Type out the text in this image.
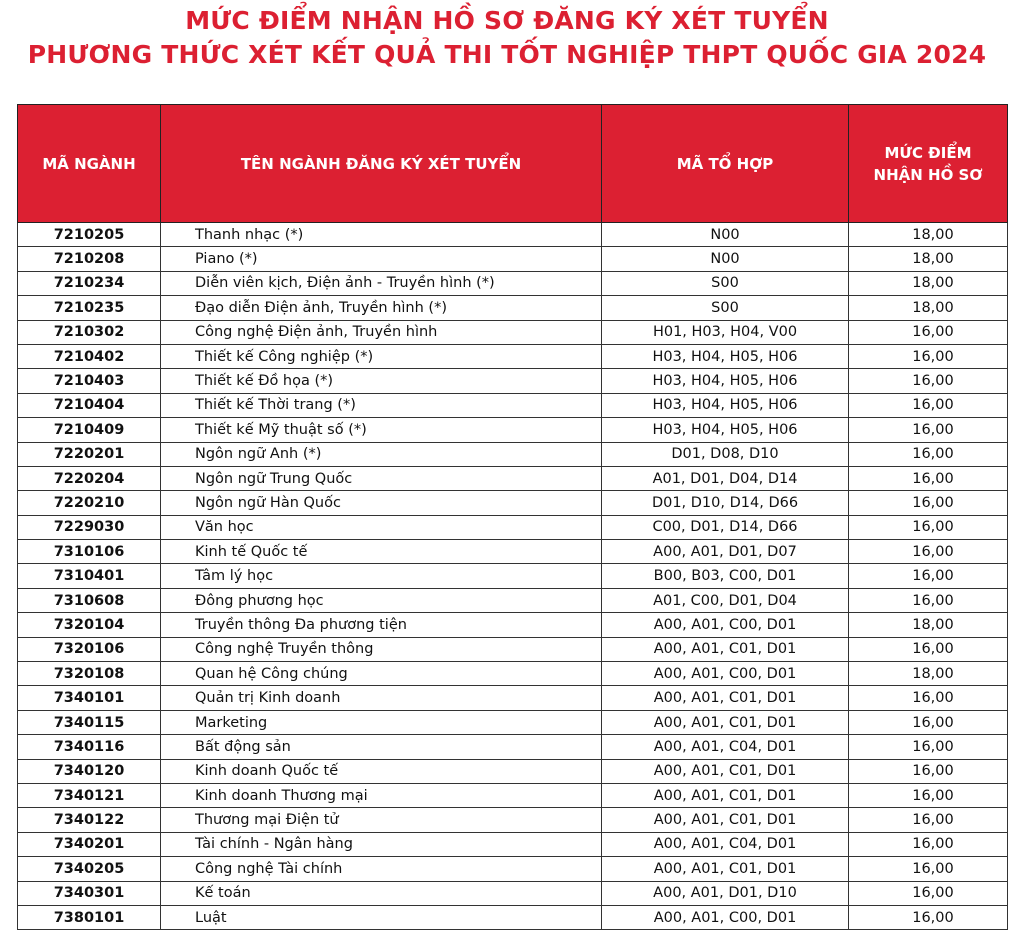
MỨC ĐIỂM NHẬN HỒ SƠ ĐĂNG KÝ XÉT TUYỂN
PHƯƠNG THỨC XÉT KẾT QUẢ THI TỐT NGHIỆP THPT QUỐC GIA 2024
MÃ NGÀNH	TÊN NGÀNH ĐĂNG KÝ XÉT TUYỂN	MÃ TỔ HỢP	MỨC ĐIỂM
NHẬN HỒ SƠ

7210205	Thanh nhạc (*)	N00	18,00
7210208	Piano (*)	N00	18,00
7210234	Diễn viên kịch, Điện ảnh - Truyền hình (*)	S00	18,00
7210235	Đạo diễn Điện ảnh, Truyền hình (*)	S00	18,00
7210302	Công nghệ Điện ảnh, Truyền hình	H01, H03, H04, V00	16,00
7210402	Thiết kế Công nghiệp (*)	H03, H04, H05, H06	16,00
7210403	Thiết kế Đồ họa (*)	H03, H04, H05, H06	16,00
7210404	Thiết kế Thời trang (*)	H03, H04, H05, H06	16,00
7210409	Thiết kế Mỹ thuật số (*)	H03, H04, H05, H06	16,00
7220201	Ngôn ngữ Anh (*)	D01, D08, D10	16,00
7220204	Ngôn ngữ Trung Quốc	A01, D01, D04, D14	16,00
7220210	Ngôn ngữ Hàn Quốc	D01, D10, D14, D66	16,00
7229030	Văn học	C00, D01, D14, D66	16,00
7310106	Kinh tế Quốc tế	A00, A01, D01, D07	16,00
7310401	Tâm lý học	B00, B03, C00, D01	16,00
7310608	Đông phương học	A01, C00, D01, D04	16,00
7320104	Truyền thông Đa phương tiện	A00, A01, C00, D01	18,00
7320106	Công nghệ Truyền thông	A00, A01, C01, D01	16,00
7320108	Quan hệ Công chúng	A00, A01, C00, D01	18,00
7340101	Quản trị Kinh doanh	A00, A01, C01, D01	16,00
7340115	Marketing	A00, A01, C01, D01	16,00
7340116	Bất động sản	A00, A01, C04, D01	16,00
7340120	Kinh doanh Quốc tế	A00, A01, C01, D01	16,00
7340121	Kinh doanh Thương mại	A00, A01, C01, D01	16,00
7340122	Thương mại Điện tử	A00, A01, C01, D01	16,00
7340201	Tài chính - Ngân hàng	A00, A01, C04, D01	16,00
7340205	Công nghệ Tài chính	A00, A01, C01, D01	16,00
7340301	Kế toán	A00, A01, D01, D10	16,00
7380101	Luật	A00, A01, C00, D01	16,00
